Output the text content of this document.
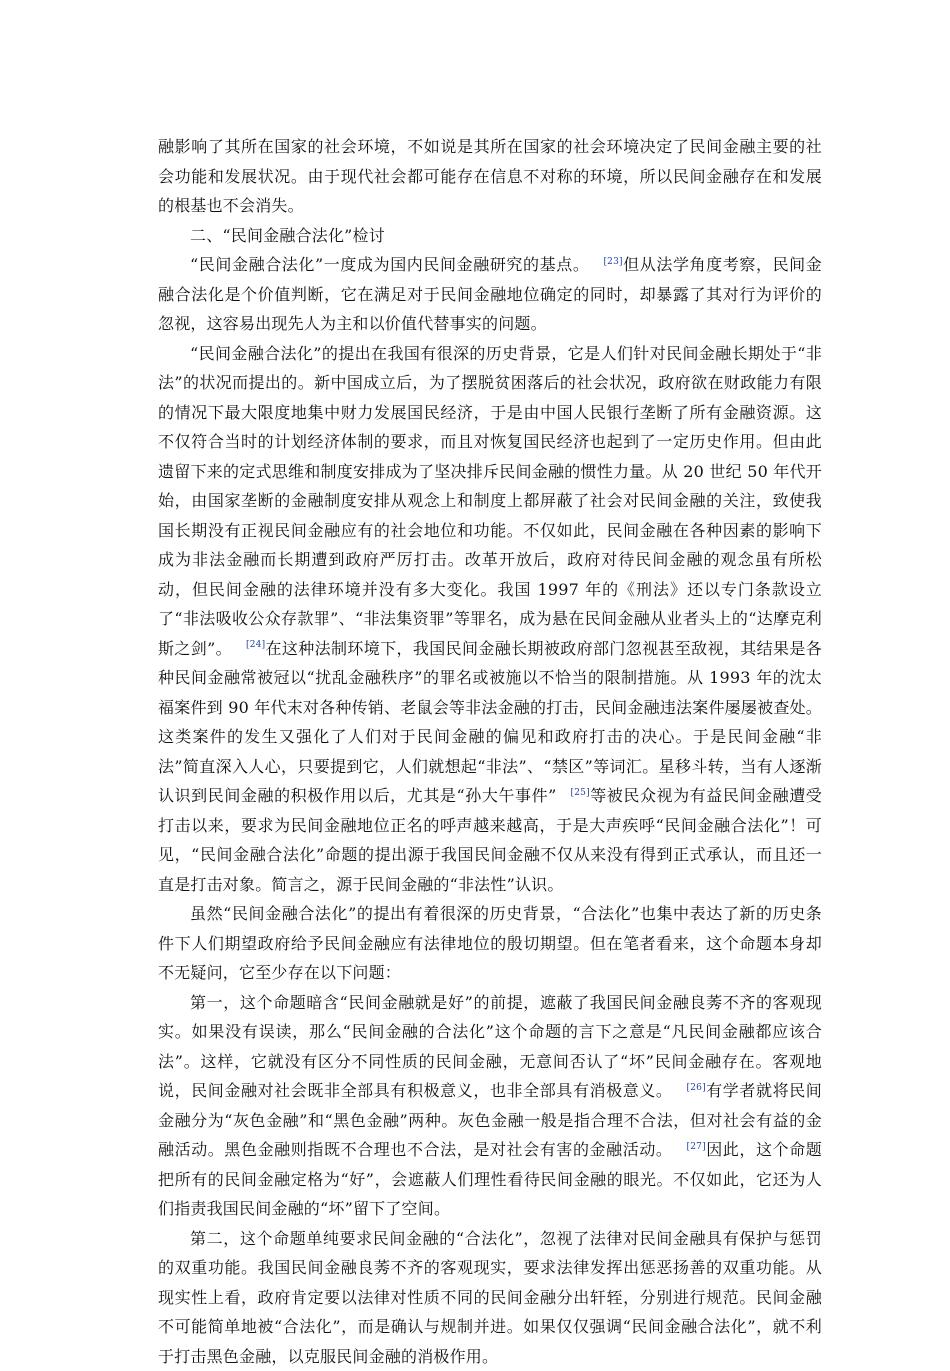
融影响了其所在国家的社会环境，不如说是其所在国家的社会环境决定了民间金融主要的社会功能和发展状况。由于现代社会都可能存在信息不对称的环境，所以民间金融存在和发展的根基也不会消失。

二、“民间金融合法化”检讨

“民间金融合法化”一度成为国内民间金融研究的基点。 [23]但从法学角度考察，民间金融合法化是个价值判断，它在满足对于民间金融地位确定的同时，却暴露了其对行为评价的忽视，这容易出现先人为主和以价值代替事实的问题。

“民间金融合法化”的提出在我国有很深的历史背景，它是人们针对民间金融长期处于“非法”的状况而提出的。新中国成立后，为了摆脱贫困落后的社会状况，政府欲在财政能力有限的情况下最大限度地集中财力发展国民经济，于是由中国人民银行垄断了所有金融资源。这不仅符合当时的计划经济体制的要求，而且对恢复国民经济也起到了一定历史作用。但由此遗留下来的定式思维和制度安排成为了坚决排斥民间金融的惯性力量。从 20 世纪 50 年代开始，由国家垄断的金融制度安排从观念上和制度上都屏蔽了社会对民间金融的关注，致使我国长期没有正视民间金融应有的社会地位和功能。不仅如此，民间金融在各种因素的影响下成为非法金融而长期遭到政府严厉打击。改革开放后，政府对待民间金融的观念虽有所松动，但民间金融的法律环境并没有多大变化。我国 1997 年的《刑法》还以专门条款设立了“非法吸收公众存款罪”、“非法集资罪”等罪名，成为悬在民间金融从业者头上的“达摩克利斯之剑”。 [24]在这种法制环境下，我国民间金融长期被政府部门忽视甚至敌视，其结果是各种民间金融常被冠以“扰乱金融秩序”的罪名或被施以不恰当的限制措施。从 1993 年的沈太福案件到 90 年代末对各种传销、老鼠会等非法金融的打击，民间金融违法案件屡屡被查处。这类案件的发生又强化了人们对于民间金融的偏见和政府打击的决心。于是民间金融“非法”简直深入人心，只要提到它，人们就想起“非法”、“禁区”等词汇。星移斗转，当有人逐渐认识到民间金融的积极作用以后，尤其是“孙大午事件” [25]等被民众视为有益民间金融遭受打击以来，要求为民间金融地位正名的呼声越来越高，于是大声疾呼“民间金融合法化”！可见，“民间金融合法化”命题的提出源于我国民间金融不仅从来没有得到正式承认，而且还一直是打击对象。简言之，源于民间金融的“非法性”认识。

虽然“民间金融合法化”的提出有着很深的历史背景，“合法化”也集中表达了新的历史条件下人们期望政府给予民间金融应有法律地位的殷切期望。但在笔者看来，这个命题本身却不无疑问，它至少存在以下问题：

第一，这个命题暗含“民间金融就是好”的前提，遮蔽了我国民间金融良莠不齐的客观现实。如果没有误读，那么“民间金融的合法化”这个命题的言下之意是“凡民间金融都应该合法”。这样，它就没有区分不同性质的民间金融，无意间否认了“坏”民间金融存在。客观地说，民间金融对社会既非全部具有积极意义，也非全部具有消极意义。 [26]有学者就将民间金融分为“灰色金融”和“黑色金融”两种。灰色金融一般是指合理不合法，但对社会有益的金融活动。黑色金融则指既不合理也不合法，是对社会有害的金融活动。 [27]因此，这个命题把所有的民间金融定格为“好”，会遮蔽人们理性看待民间金融的眼光。不仅如此，它还为人们指责我国民间金融的“坏”留下了空间。

第二，这个命题单纯要求民间金融的“合法化”，忽视了法律对民间金融具有保护与惩罚的双重功能。我国民间金融良莠不齐的客观现实，要求法律发挥出惩恶扬善的双重功能。从现实性上看，政府肯定要以法律对性质不同的民间金融分出轩轾，分别进行规范。民间金融不可能简单地被“合法化”，而是确认与规制并进。如果仅仅强调“民间金融合法化”，就不利于打击黑色金融，以克服民间金融的消极作用。
